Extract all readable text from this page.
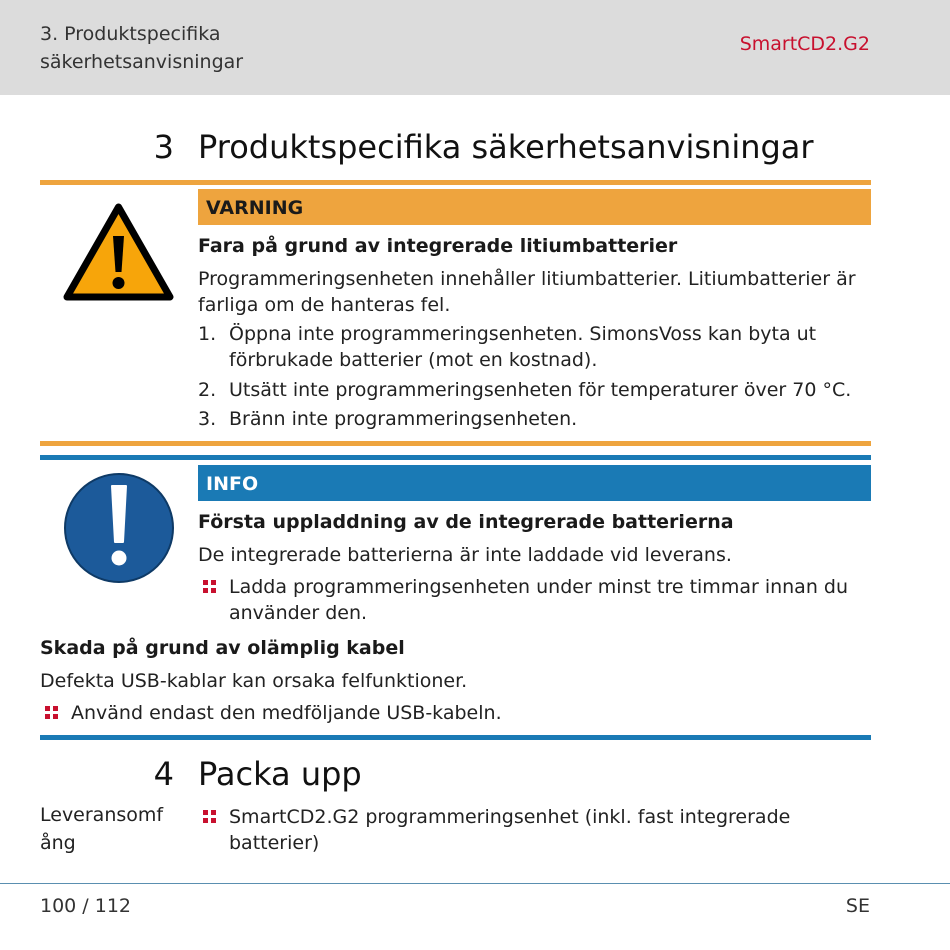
3. Produktspecifika
säkerhetsanvisningar
SmartCD2.G2
3 Produktspecifika säkerhetsanvisningar
VARNING
Fara på grund av integrerade litiumbatterier
Programmeringsenheten innehåller litiumbatterier. Litiumbatterier är
farliga om de hanteras fel.
1. Öppna inte programmeringsenheten. SimonsVoss kan byta ut
förbrukade batterier (mot en kostnad).
2. Utsätt inte programmeringsenheten för temperaturer över 70 °C.
3. Bränn inte programmeringsenheten.
INFO
Första uppladdning av de integrerade batterierna
De integrerade batterierna är inte laddade vid leverans.
Ladda programmeringsenheten under minst tre timmar innan du
använder den.
Skada på grund av olämplig kabel
Defekta USB-kablar kan orsaka felfunktioner.
Använd endast den medföljande USB-kabeln.
4 Packa upp
Leveransomf
ång
SmartCD2.G2 programmeringsenhet (inkl. fast integrerade
batterier)
100 / 112	SE
